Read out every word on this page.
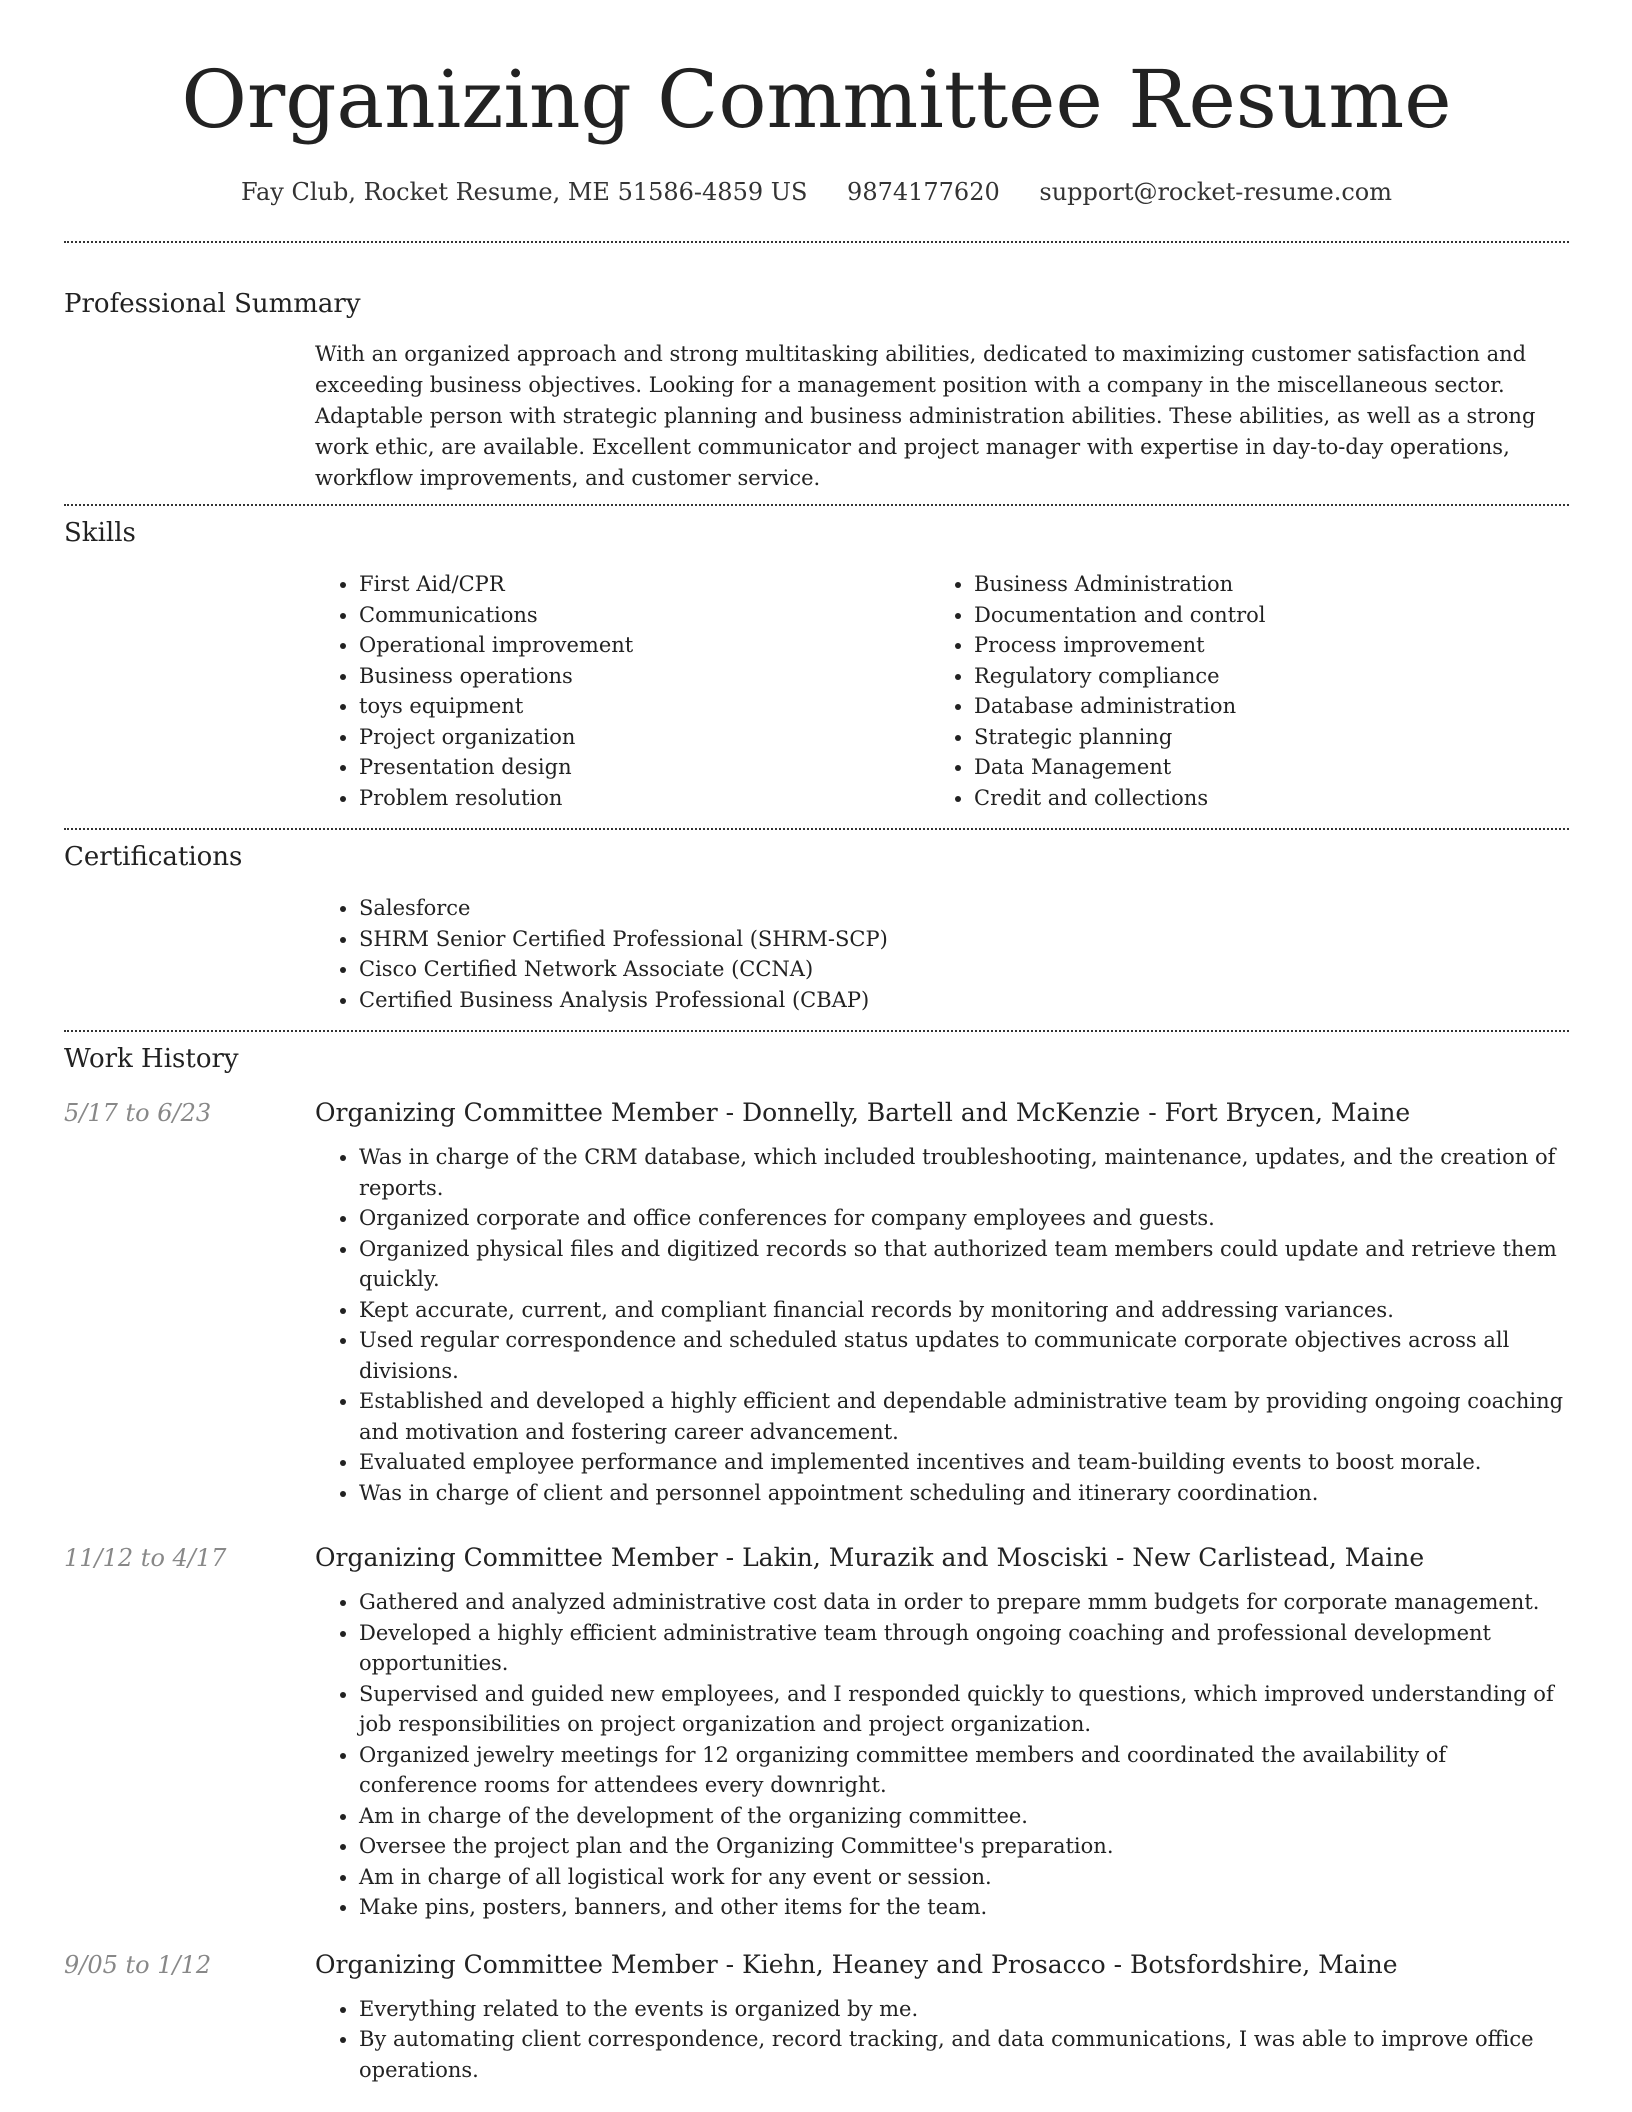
Organizing Committee Resume
Fay Club, Rocket Resume, ME 51586-4859 US 9874177620 support@rocket-resume.com
Professional Summary
With an organized approach and strong multitasking abilities, dedicated to maximizing customer satisfaction and exceeding business objectives. Looking for a management position with a company in the miscellaneous sector. Adaptable person with strategic planning and business administration abilities. These abilities, as well as a strong work ethic, are available. Excellent communicator and project manager with expertise in day-to-day operations, workflow improvements, and customer service.
Skills
• First Aid/CPR
• Communications
• Operational improvement
• Business operations
• toys equipment
• Project organization
• Presentation design
• Problem resolution
• Business Administration
• Documentation and control
• Process improvement
• Regulatory compliance
• Database administration
• Strategic planning
• Data Management
• Credit and collections
Certifications
• Salesforce
• SHRM Senior Certified Professional (SHRM-SCP)
• Cisco Certified Network Associate (CCNA)
• Certified Business Analysis Professional (CBAP)
Work History
5/17 to 6/23	Organizing Committee Member - Donnelly, Bartell and McKenzie - Fort Brycen, Maine
• Was in charge of the CRM database, which included troubleshooting, maintenance, updates, and the creation of reports.
• Organized corporate and office conferences for company employees and guests.
• Organized physical files and digitized records so that authorized team members could update and retrieve them quickly.
• Kept accurate, current, and compliant financial records by monitoring and addressing variances.
• Used regular correspondence and scheduled status updates to communicate corporate objectives across all divisions.
• Established and developed a highly efficient and dependable administrative team by providing ongoing coaching and motivation and fostering career advancement.
• Evaluated employee performance and implemented incentives and team-building events to boost morale.
• Was in charge of client and personnel appointment scheduling and itinerary coordination.
11/12 to 4/17	Organizing Committee Member - Lakin, Murazik and Mosciski - New Carlistead, Maine
• Gathered and analyzed administrative cost data in order to prepare mmm budgets for corporate management.
• Developed a highly efficient administrative team through ongoing coaching and professional development opportunities.
• Supervised and guided new employees, and I responded quickly to questions, which improved understanding of job responsibilities on project organization and project organization.
• Organized jewelry meetings for 12 organizing committee members and coordinated the availability of conference rooms for attendees every downright.
• Am in charge of the development of the organizing committee.
• Oversee the project plan and the Organizing Committee's preparation.
• Am in charge of all logistical work for any event or session.
• Make pins, posters, banners, and other items for the team.
9/05 to 1/12	Organizing Committee Member - Kiehn, Heaney and Prosacco - Botsfordshire, Maine
• Everything related to the events is organized by me.
• By automating client correspondence, record tracking, and data communications, I was able to improve office operations.
